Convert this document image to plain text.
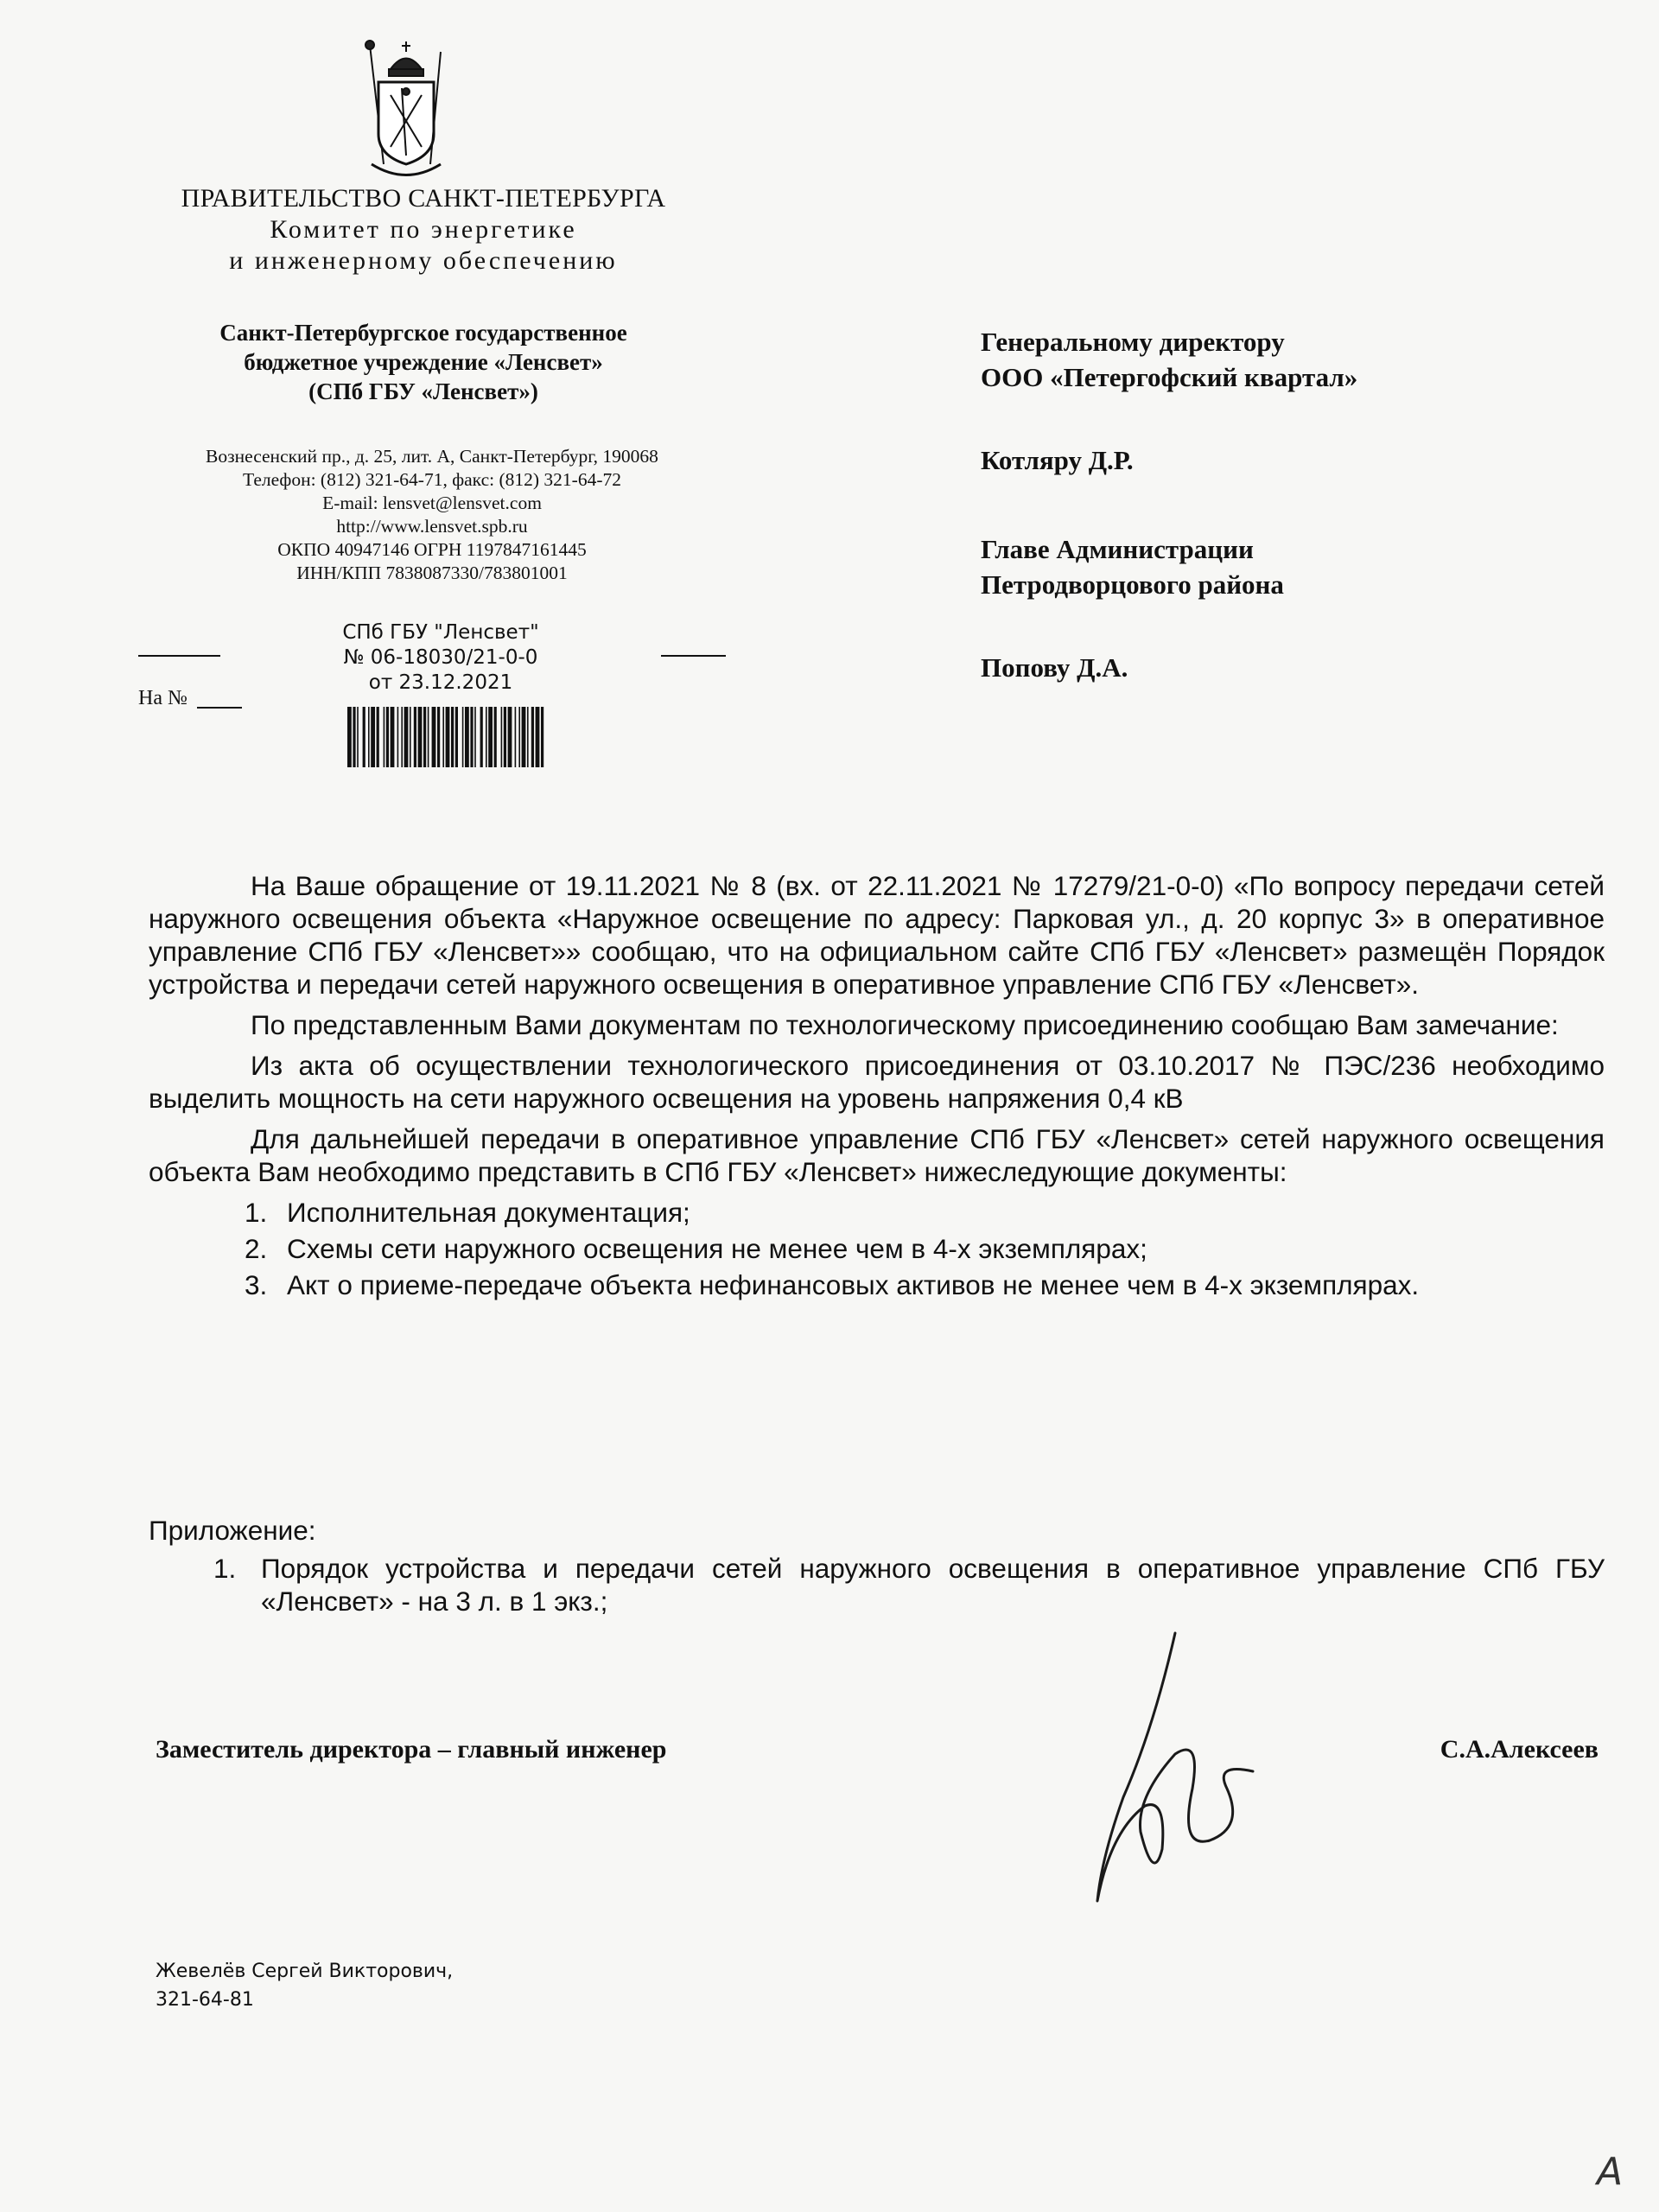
ПРАВИТЕЛЬСТВО САНКТ-ПЕТЕРБУРГА
Комитет по энергетике
и инженерному обеспечению
Санкт-Петербургское государственное
бюджетное учреждение «Ленсвет»
(СПб ГБУ «Ленсвет»)
Вознесенский пр., д. 25, лит. А, Санкт-Петербург, 190068
Телефон: (812) 321-64-71, факс: (812) 321-64-72
E-mail: lensvet@lensvet.com
http://www.lensvet.spb.ru
ОКПО 40947146 ОГРН 1197847161445
ИНН/КПП 7838087330/783801001
СПб ГБУ "Ленсвет"
№ 06-18030/21-0-0
от 23.12.2021
На №

Генеральному директору
ООО «Петергофский квартал»

Котляру Д.Р.

Главе Администрации
Петродворцового района

Попову Д.А.

На Ваше обращение от 19.11.2021 № 8 (вх. от 22.11.2021 № 17279/21-0-0) «По вопросу передачи сетей наружного освещения объекта «Наружное освещение по адресу: Парковая ул., д. 20 корпус 3» в оперативное управление СПб ГБУ «Ленсвет»» сообщаю, что на официальном сайте СПб ГБУ «Ленсвет» размещён Порядок устройства и передачи сетей наружного освещения в оперативное управление СПб ГБУ «Ленсвет».

По представленным Вами документам по технологическому присоединению сообщаю Вам замечание:

Из акта об осуществлении технологического присоединения от 03.10.2017 № ПЭС/236 необходимо выделить мощность на сети наружного освещения на уровень напряжения 0,4 кВ

Для дальнейшей передачи в оперативное управление СПб ГБУ «Ленсвет» сетей наружного освещения объекта Вам необходимо представить в СПб ГБУ «Ленсвет» нижеследующие документы:

1. Исполнительная документация;
2. Схемы сети наружного освещения не менее чем в 4-х экземплярах;
3. Акт о приеме-передаче объекта нефинансовых активов не менее чем в 4-х экземплярах.
Приложение:
1. Порядок устройства и передачи сетей наружного освещения в оперативное управление СПб ГБУ «Ленсвет» - на 3 л. в 1 экз.;
Заместитель директора – главный инженер	С.А.Алексеев
Жевелёв Сергей Викторович,
321-64-81
А
